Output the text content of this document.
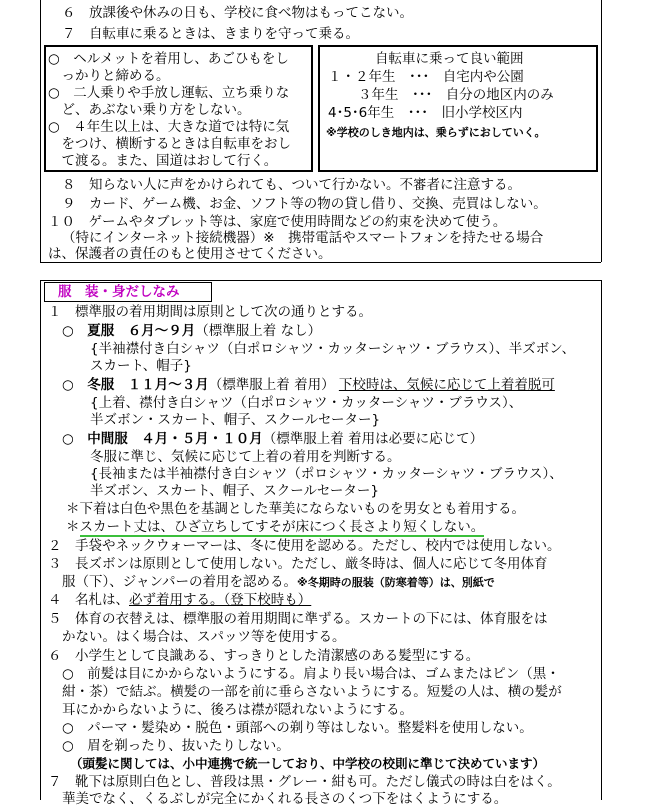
６　放課後や休みの日も、学校に食べ物はもってこない。
７　自転車に乗るときは、きまりを守って乗る。
○　ヘルメットを着用し、あごひもをし
　っかりと締める。
○　二人乗りや手放し運転、立ち乗りな
　ど、あぶない乗り方をしない。
○　４年生以上は、大きな道では特に気
　をつけ、横断するときは自転車をおし
　て渡る。また、国道はおして行く。
自転車に乗って良い範囲
１・２年生　･･･　自宅内や公園
３年生　･･･　自分の地区内のみ
4･5･6年生　･･･　旧小学校区内
※学校のしき地内は、乗らずにおしていく。
８　知らない人に声をかけられても、ついて行かない。不審者に注意する。
９　カード、ゲーム機、お金、ソフト等の物の貸し借り、交換、売買はしない。
１０　ゲームやタブレット等は、家庭で使用時間などの約束を決めて使う。
（特にインターネット接続機器）※　携帯電話やスマートフォンを持たせる場合
は、保護者の責任のもと使用させてください。
服　装・身だしなみ
１　標準服の着用期間は原則として次の通りとする。
○　夏服　６月～９月（標準服上着 なし）
{半袖襟付き白シャツ（白ポロシャツ・カッターシャツ・ブラウス）、半ズボン、
スカート、帽子}
○　冬服　１１月～３月（標準服上着 着用） 下校時は、気候に応じて上着着脱可
{上着、襟付き白シャツ（白ポロシャツ・カッターシャツ・ブラウス）、
半ズボン・スカート、帽子、スクールセーター}
○　中間服　４月・５月・１０月（標準服上着 着用は必要に応じて）
冬服に準じ、気候に応じて上着の着用を判断する。
{長袖または半袖襟付き白シャツ（ポロシャツ・カッターシャツ・ブラウス）、
半ズボン、スカート、帽子、スクールセーター}
＊下着は白色や黒色を基調とした華美にならないものを男女とも着用する。
＊スカート丈は、ひざ立ちしてすそが床につく長さより短くしない。
２　手袋やネックウォーマーは、冬に使用を認める。ただし、校内では使用しない。
３　長ズボンは原則として使用しない。ただし、厳冬時は、個人に応じて冬用体育
服（下）、ジャンパーの着用を認める。※冬期時の服装（防寒着等）は、別紙で
４　名札は、必ず着用する。（登下校時も）
５　体育の衣替えは、標準服の着用期間に準ずる。スカートの下には、体育服をは
かない。はく場合は、スパッツ等を使用する。
６　小学生として良識ある、すっきりとした清潔感のある髪型にする。
○　前髪は目にかからないようにする。肩より長い場合は、ゴムまたはピン（黒・
紺・茶）で結ぶ。横髪の一部を前に垂らさないようにする。短髪の人は、横の髪が
耳にかからないように、後ろは襟が隠れないようにする。
○　パーマ・髪染め・脱色・頭部への剃り等はしない。整髪料を使用しない。
○　眉を剃ったり、抜いたりしない。
（頭髪に関しては、小中連携で統一しており、中学校の校則に準じて決めています）
７　靴下は原則白色とし、普段は黒・グレー・紺も可。ただし儀式の時は白をはく。
華美でなく、くるぶしが完全にかくれる長さのくつ下をはくようにする。
